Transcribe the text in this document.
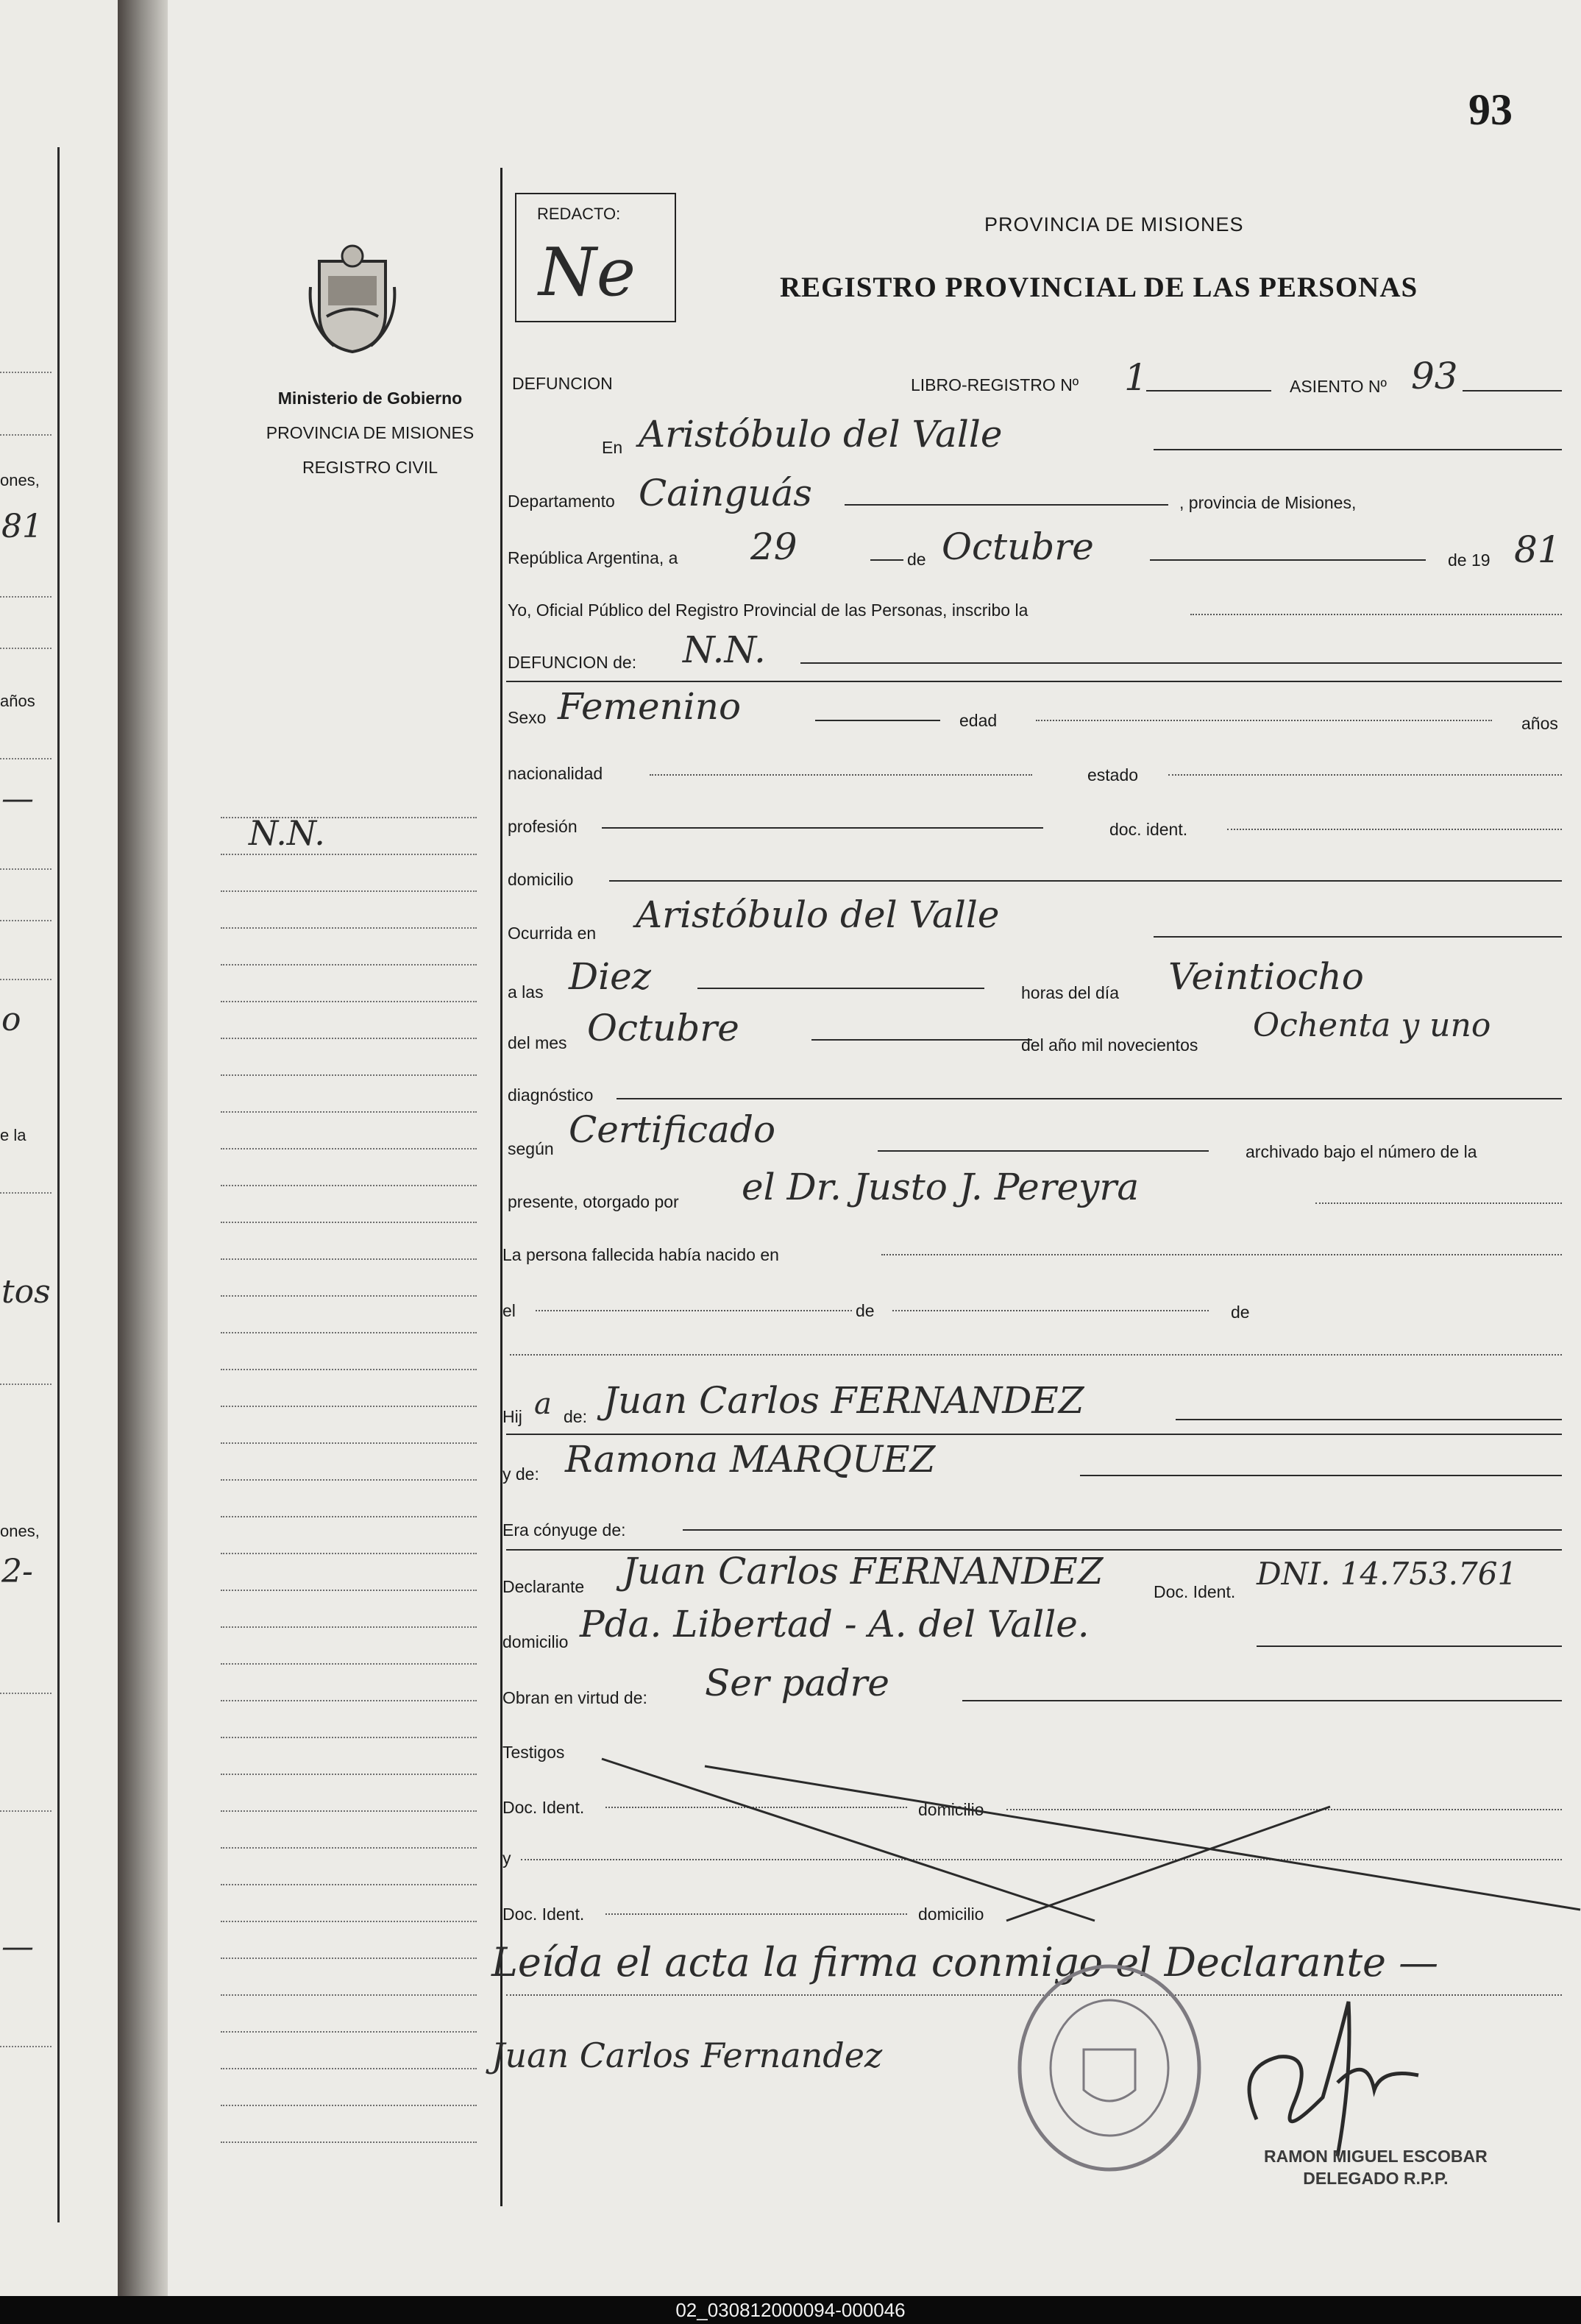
ones,
81
años
—
o
e la
tos
ones,
2-
—
93
Ministerio de Gobierno
PROVINCIA DE MISIONES
REGISTRO CIVIL
N.N.
REDACTO:
Ne
PROVINCIA DE MISIONES
REGISTRO PROVINCIAL DE LAS PERSONAS
DEFUNCION	LIBRO-REGISTRO Nº 1	ASIENTO Nº 93
En Aristóbulo del Valle
Departamento Cainguás	, provincia de Misiones,
República Argentina, a 29	de Octubre	de 19 81
Yo, Oficial Público del Registro Provincial de las Personas, inscribo la
DEFUNCION de: N.N.
Sexo Femenino	edad	años
nacionalidad	estado
profesión	doc. ident.
domicilio
Ocurrida en Aristóbulo del Valle
a las Diez	horas del día Veintiocho
del mes Octubre	del año mil novecientos
Ochenta y uno
diagnóstico
según Certificado
archivado bajo el número de la
presente, otorgado por el Dr. Justo J. Pereyra
La persona fallecida había nacido en
el	de	de
Hij a de: Juan Carlos FERNANDEZ
y de: Ramona MARQUEZ
Era cónyuge de:
Declarante Juan Carlos FERNANDEZ	Doc. Ident. DNI. 14.753.761
domicilio Pda. Libertad - A. del Valle.
Obran en virtud de: Ser padre
Testigos
Doc. Ident.	domicilio
y
Doc. Ident.	domicilio
Leída el acta la firma conmigo el Declarante —
Juan Carlos Fernandez
RAMON MIGUEL ESCOBAR
DELEGADO R.P.P.
02_030812000094-000046
